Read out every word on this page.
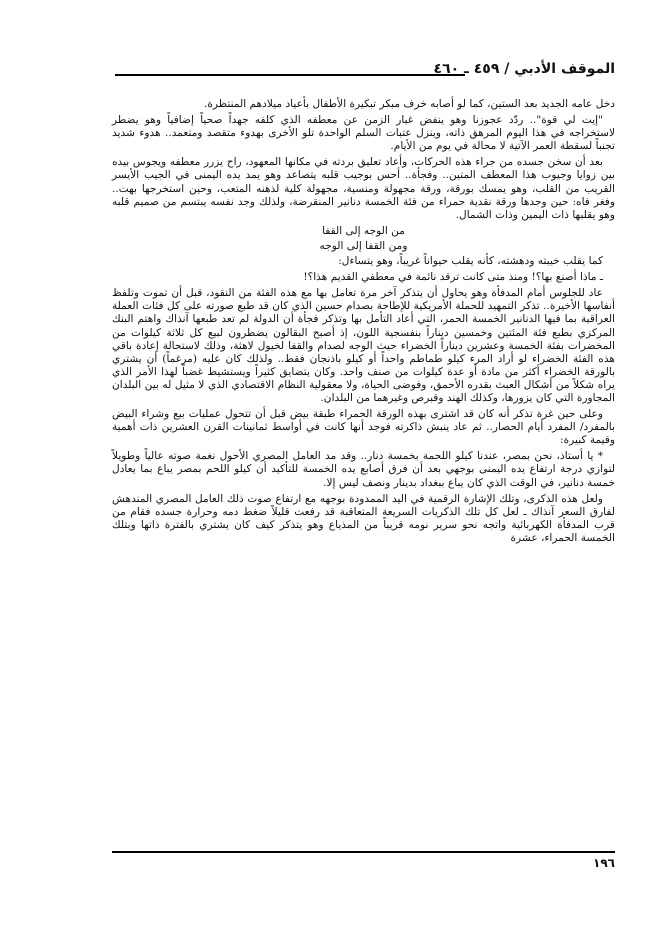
الموقف الأدبي / ٤٥٩ ـ ٤٦٠

دخل عامه الجديد بعد الستين، كما لو أصابه خرف مبكر تبكيرة الأطفال بأعياد ميلادهم المنتظرة.

"إيت لي قوة".. ردّد عجوزنا وهو ينفض غبار الزمن عن معطفه الذي كلفه جهداً صحياً إضافياً وهو يضطر لاستخراجه في هذا اليوم المرهق ذاته، وينزل عتبات السلم الواحدة تلو الأخرى بهدوء متقصد ومتعمد.. هدوء شديد تجنباً لسقطة العمر الآتية لا محالة في يوم من الأيام.

بعد أن سخن جسده من جراء هذه الحركات، وأعاد تعليق بردته في مكانها المعهود، راح يزرر معطفه ويجوس بيده بين زوايا وجيوب هذا المعطف المتين.. وفجأة.. أحس بوجيب قلبه يتصاعد وهو يمد يده اليمنى في الجيب الأيسر القريب من القلب، وهو يمسك بورقة، ورقة مجهولة ومنسية، مجهولة كلية لذهنه المتعب، وحين استخرجها بهت.. وفغر فاه: حين وجدها ورقة نقدية حمراء من فئة الخمسة دنانير المنقرضة، ولذلك وجد نفسه يبتسم من صميم قلبه وهو يقلبها ذات اليمين وذات الشمال.

من الوجه إلى القفا
ومن القفا إلى الوجه

كما يقلب خيبته ودهشته، كأنه يقلب حيواناً غريباً، وهو يتساءل:

ـ ماذا أصنع بها؟! ومنذ متى كانت ترقد نائمة في معطفي القديم هذا؟!

عاد للجلوس أمام المدفأة وهو يحاول أن يتذكر آخر مرة تعامل بها مع هذه الفئة من النقود، قبل أن تموت وتلفظ أنفاسها الأخيرة.. تذكر التمهيد للحملة الأمريكية للإطاحة بصدام حسين الذي كان قد طبع صورته على كل فئات العملة العراقية بما فيها الدنانير الخمسة الحمر، التي أعاد التأمل بها وتذكر فجأة أن الدولة لم تعد طبعها آنذاك واهتم البنك المركزي بطبع فئة المئتين وخمسين ديناراً بنفسجية اللون، إذ أصبح البقالون يضطرون لبيع كل ثلاثة كيلوات من المخضرات بفئة الخمسة وعشرين ديناراً الخضراء حيث الوجه لصدام والقفا لخيول لاهثة، وذلك لاستحالة إعادة باقي هذه الفئة الخضراء لو أراد المرء كيلو طماطم واحداً أو كيلو باذنجان فقط.. ولذلك كان عليه (مرغماً) أن يشتري بالورقة الخضراء أكثر من مادة أو عدة كيلوات من صنف واحد. وكان يتضايق كثيراً ويستشيط غضباً لهذا الأمر الذي يراه شكلاً من أشكال العبث بقدره الأحمق، وفوضى الحياة، ولا معقولية النظام الاقتصادي الذي لا مثيل له بين البلدان المجاورة التي كان يزورها، وكذلك الهند وقبرص وغيرهما من البلدان.

وعلى حين غرة تذكر أنه كان قد اشترى بهذه الورقة الحمراء طبقة بيض قبل أن تتحول عمليات بيع وشراء البيض بالمفرد/ المفرد أيام الحصار.. ثم عاد ينبش ذاكرته فوجد أنها كانت في أواسط ثمانينات القرن العشرين ذات أهمية وقيمة كبيرة:

* يا أستاذ، نحن بمصر، عندنا كيلو اللحمة بخمسة دنار.. وقد مد العامل المصري الأحول نغمة صوته عالياً وطويلاً لتوازي درجة ارتفاع يده اليمنى بوجهي بعد أن فرق أصابع يده الخمسة للتأكيد أن كيلو اللحم بمصر يباع بما يعادل خمسة دنانير، في الوقت الذي كان يباع ببغداد بدينار ونصف ليس إلا.

ولعل هذه الذكرى، وتلك الإشارة الرقمية في اليد الممدودة بوجهه مع ارتفاع صوت ذلك العامل المصري المندهش لفارق السعر آنذاك ـ لعل كل تلك الذكريات السريعة المتعاقبة قد رفعت قليلاً ضغط دمه وحرارة جسده فقام من قرب المدفأة الكهربائية واتجه نحو سرير نومه قريباً من المذياع وهو يتذكر كيف كان يشتري بالفترة ذاتها وبتلك الخمسة الحمراء، عشرة

١٩٦
